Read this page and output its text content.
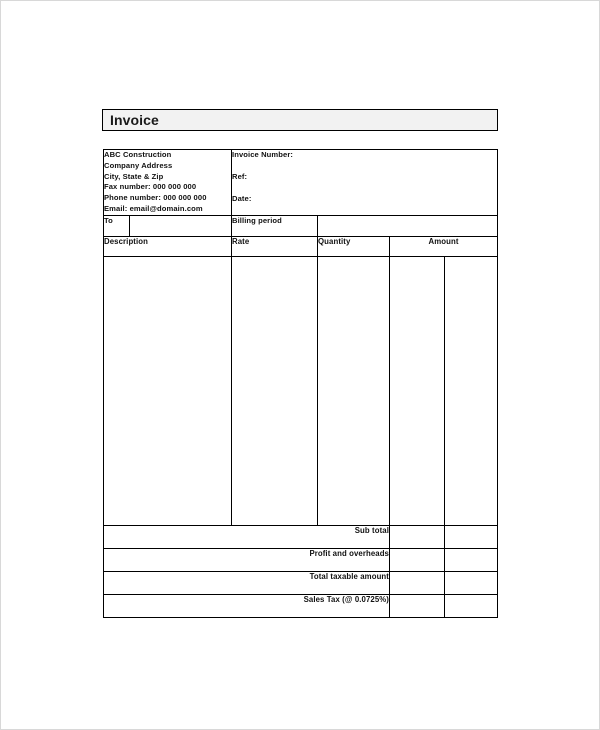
Invoice
ABC Construction
Company Address
City, State & Zip
Fax number: 000 000 000
Phone number: 000 000 000
Email: email@domain.com

Invoice Number:
Ref:
Date:

To		Billing period			
Description		Rate	Quantity	Amount	

Sub total					
Profit and overheads					
Total taxable amount					
Sales Tax (@ 0.0725%)					
